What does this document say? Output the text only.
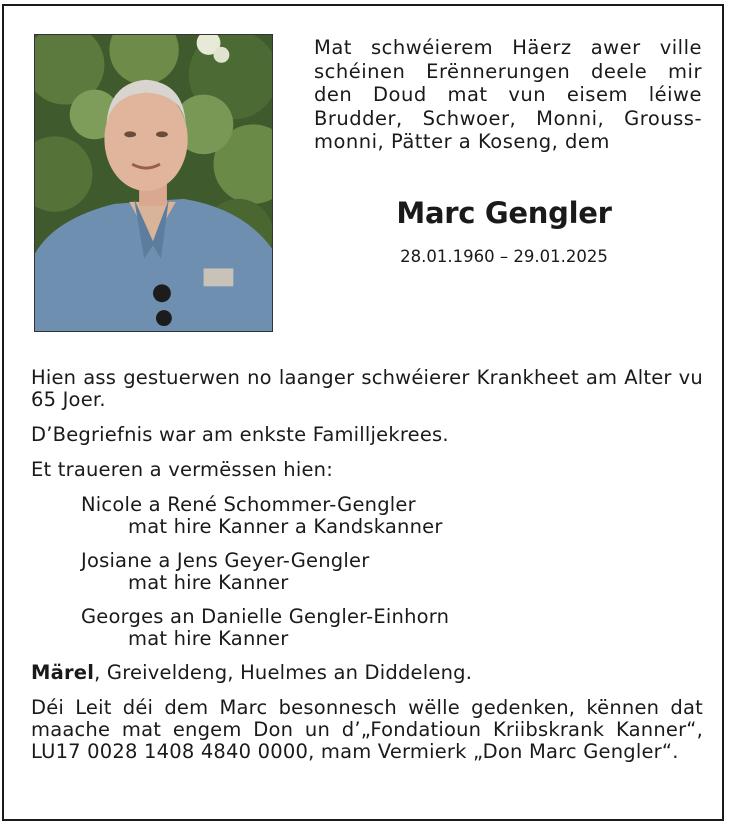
Mat schwéierem Häerz awer ville schéinen Erënnerungen deele mir den Doud mat vun eisem léiwe Brudder, Schwoer, Monni, Grouss-monni, Pätter a Koseng, dem
Marc Gengler
28.01.1960 – 29.01.2025

Hien ass gestuerwen no laanger schwéierer Krankheet am Alter vu 65 Joer.

D’Begriefnis war am enkste Familljekrees.

Et traueren a vermëssen hien:

Nicole a René Schommer-Gengler
mat hire Kanner a Kandskanner
Josiane a Jens Geyer-Gengler
mat hire Kanner
Georges an Danielle Gengler-Einhorn
mat hire Kanner

Märel, Greiveldeng, Huelmes an Diddeleng.

Déi Leit déi dem Marc besonnesch wëlle gedenken, kënnen dat maache mat engem Don un d’„Fondatioun Kriibskrank Kanner“, LU17 0028 1408 4840 0000, mam Vermierk „Don Marc Gengler“.
